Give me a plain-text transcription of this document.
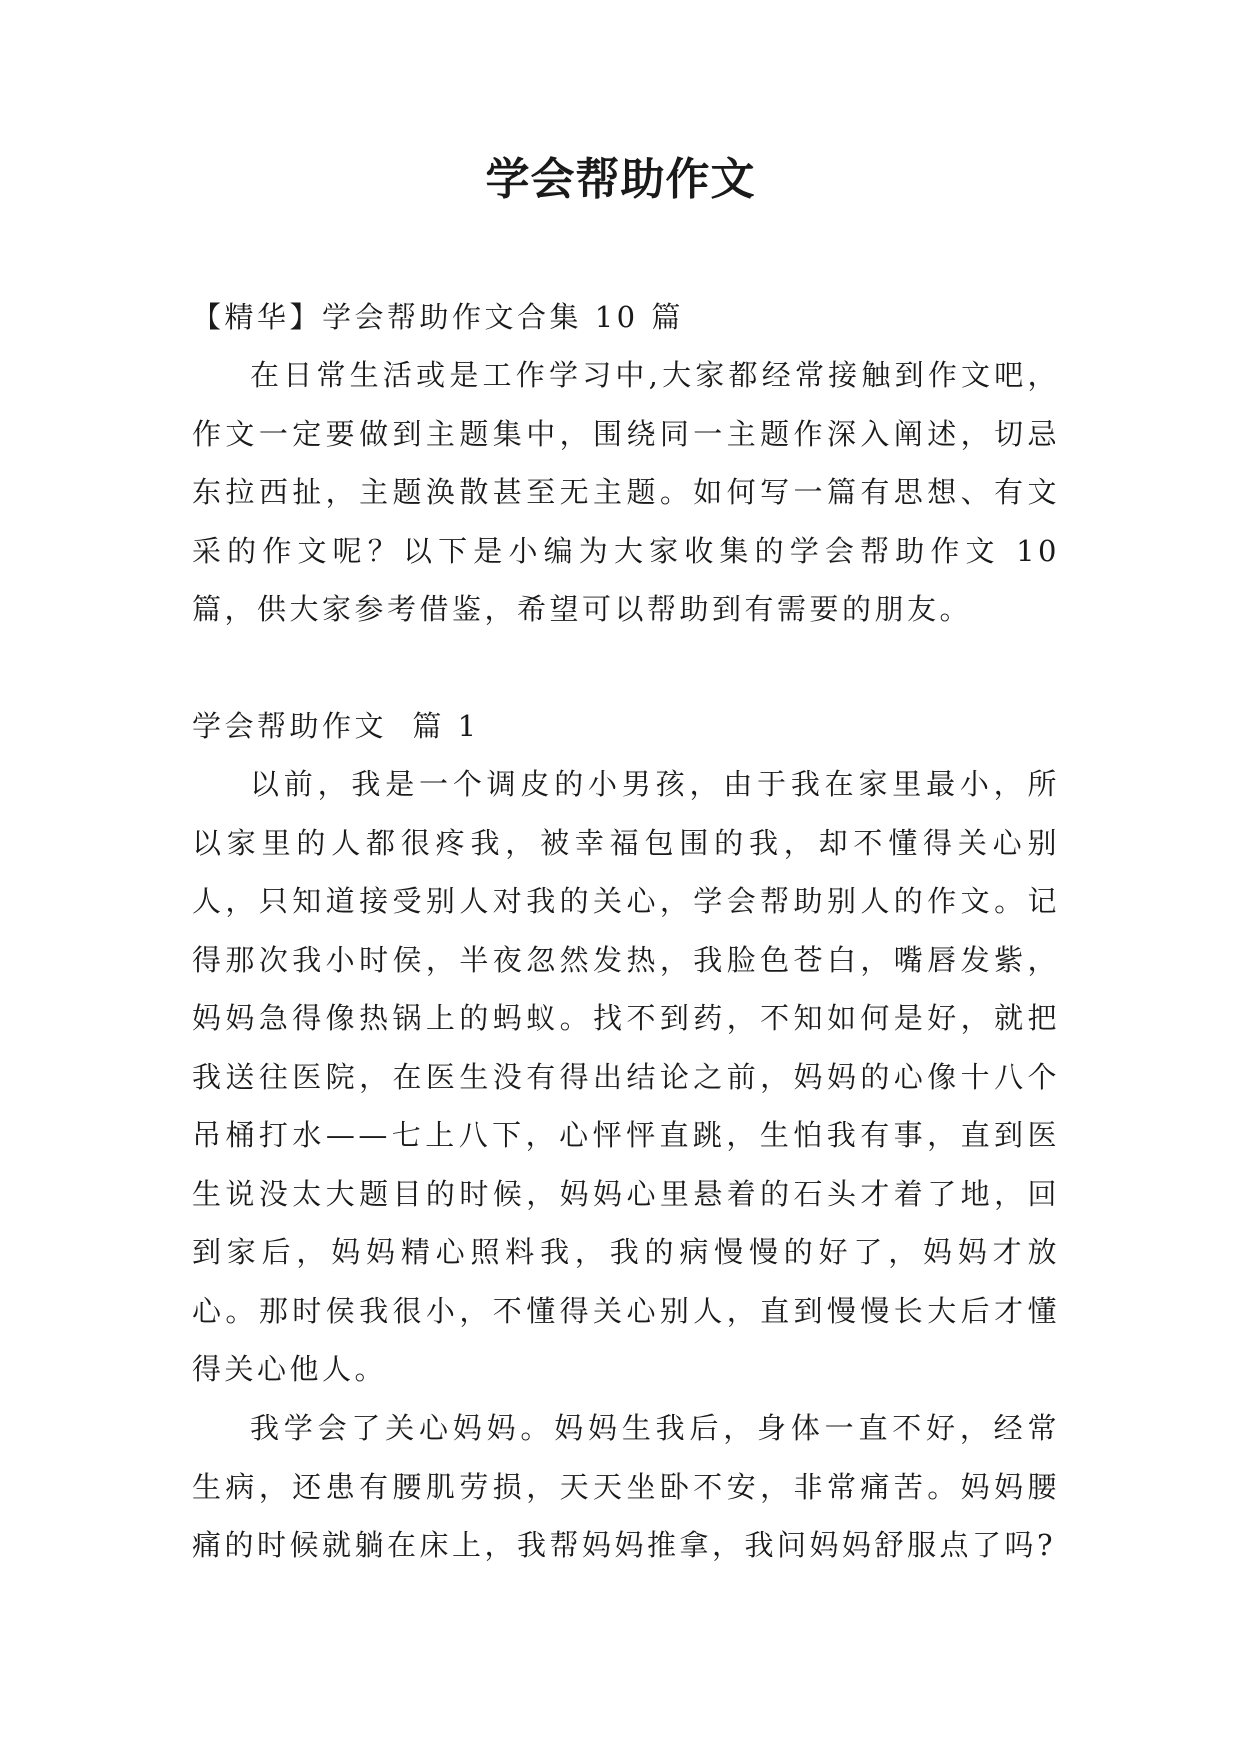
学会帮助作文
【精华】学会帮助作文合集 10 篇

在日常生活或是工作学习中,大家都经常接触到作文吧，作文一定要做到主题集中，围绕同一主题作深入阐述，切忌东拉西扯，主题涣散甚至无主题。如何写一篇有思想、有文采的作文呢？以下是小编为大家收集的学会帮助作文 10 篇，供大家参考借鉴，希望可以帮助到有需要的朋友。

学会帮助作文  篇 1

以前，我是一个调皮的小男孩，由于我在家里最小，所以家里的人都很疼我，被幸福包围的我，却不懂得关心别人，只知道接受别人对我的关心，学会帮助别人的作文。记得那次我小时侯，半夜忽然发热，我脸色苍白，嘴唇发紫，妈妈急得像热锅上的蚂蚁。找不到药，不知如何是好，就把我送往医院，在医生没有得出结论之前，妈妈的心像十八个吊桶打水——七上八下，心怦怦直跳，生怕我有事，直到医生说没太大题目的时候，妈妈心里悬着的石头才着了地，回到家后，妈妈精心照料我，我的病慢慢的好了，妈妈才放心。那时侯我很小，不懂得关心别人，直到慢慢长大后才懂得关心他人。

我学会了关心妈妈。妈妈生我后，身体一直不好，经常生病，还患有腰肌劳损，天天坐卧不安，非常痛苦。妈妈腰痛的时候就躺在床上，我帮妈妈推拿，我问妈妈舒服点了吗?
